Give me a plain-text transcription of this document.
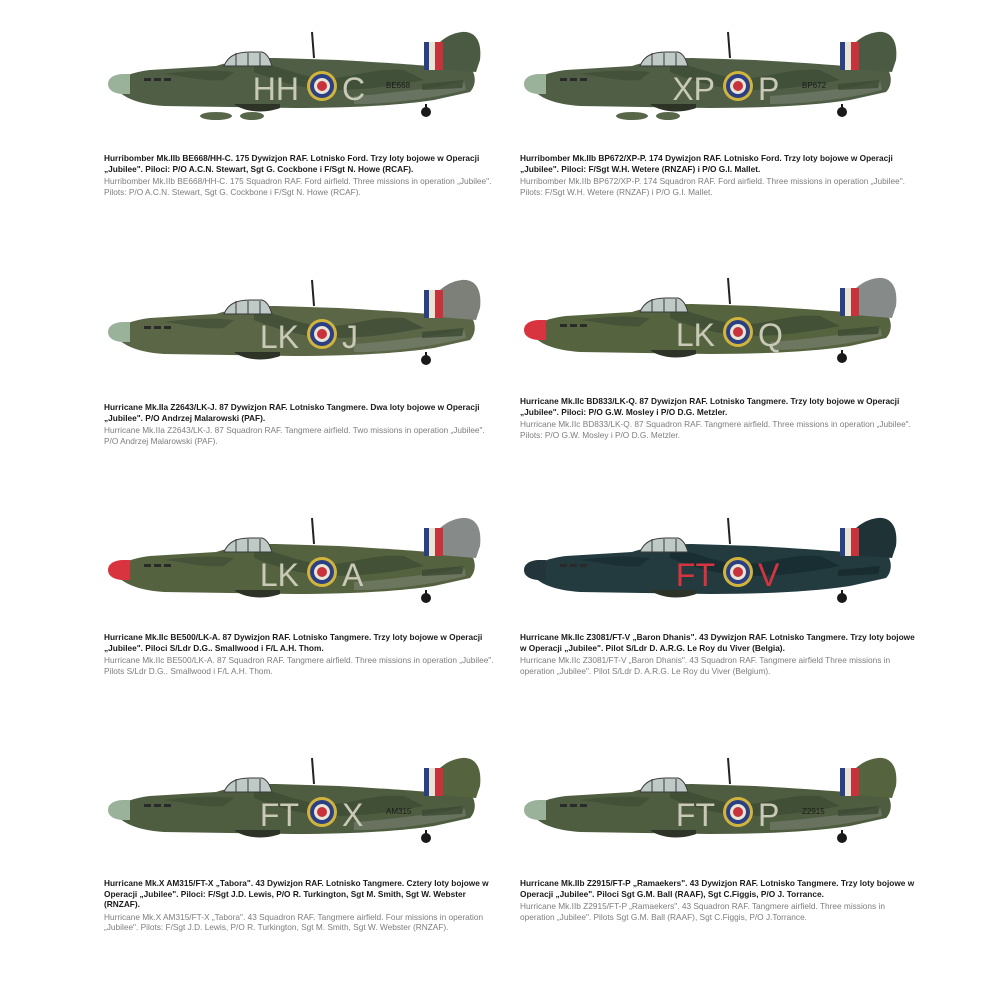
HH C	BE668
Hurribomber Mk.IIb BE668/HH-C. 175 Dywizjon RAF. Lotnisko Ford. Trzy loty bojowe w Operacji „Jubilee". Piloci: P/O A.C.N. Stewart, Sgt G. Cockbone i F/Sgt N. Howe (RCAF).
Hurribomber Mk.IIb BE668/HH-C. 175 Squadron RAF. Ford airfield. Three missions in operation „Jubilee". Pilots: P/O A.C.N. Stewart, Sgt G. Cockbone i F/Sgt N. Howe (RCAF).
XP P	BP672
Hurribomber Mk.IIb BP672/XP-P. 174 Dywizjon RAF. Lotnisko Ford. Trzy loty bojowe w Operacji „Jubilee". Piloci: F/Sgt W.H. Wetere (RNZAF) i P/O G.I. Mallet.
Hurribomber Mk.IIb BP672/XP-P. 174 Squadron RAF. Ford airfield. Three missions in operation „Jubilee". Pilots: F/Sgt W.H. Wetere (RNZAF) i P/O G.I. Mallet.
LK J
Hurricane Mk.IIa Z2643/LK-J. 87 Dywizjon RAF. Lotnisko Tangmere. Dwa loty bojowe w Operacji „Jubilee". P/O Andrzej Malarowski (PAF).
Hurricane Mk.IIa Z2643/LK-J. 87 Squadron RAF. Tangmere airfield. Two missions in operation „Jubilee". P/O Andrzej Malarowski (PAF).
LK Q
Hurricane Mk.IIc BD833/LK-Q. 87 Dywizjon RAF. Lotnisko Tangmere. Trzy loty bojowe w Operacji „Jubilee". Piloci: P/O G.W. Mosley i P/O D.G. Metzler.
Hurricane Mk.IIc BD833/LK-Q. 87 Squadron RAF. Tangmere airfield. Three missions in operation „Jubilee". Pilots: P/O G.W. Mosley i P/O D.G. Metzler.
LK A
Hurricane Mk.IIc BE500/LK-A. 87 Dywizjon RAF. Lotnisko Tangmere. Trzy loty bojowe w Operacji „Jubilee". Piloci S/Ldr D.G.. Smallwood i F/L A.H. Thom.
Hurricane Mk.IIc BE500/LK-A. 87 Squadron RAF. Tangmere airfield. Three missions in operation „Jubilee". Pilots S/Ldr D.G.. Smallwood i F/L A.H. Thom.
FT V
Hurricane Mk.IIc Z3081/FT-V „Baron Dhanis". 43 Dywizjon RAF. Lotnisko Tangmere. Trzy loty bojowe w Operacji „Jubilee". Pilot S/Ldr D. A.R.G. Le Roy du Viver (Belgia).
Hurricane Mk.IIc Z3081/FT-V „Baron Dhanis". 43 Squadron RAF. Tangmere airfield Three missions in operation „Jubilee". Pilot S/Ldr D. A.R.G. Le Roy du Viver (Belgium).
FT X	AM315
Hurricane Mk.X AM315/FT-X „Tabora". 43 Dywizjon RAF. Lotnisko Tangmere. Cztery loty bojowe w Operacji „Jubilee". Piloci: F/Sgt J.D. Lewis, P/O R. Turkington, Sgt M. Smith, Sgt W. Webster (RNZAF).
Hurricane Mk.X AM315/FT-X „Tabora". 43 Squadron RAF. Tangmere airfield. Four missions in operation „Jubilee". Pilots: F/Sgt J.D. Lewis, P/O R. Turkington, Sgt M. Smith, Sgt W. Webster (RNZAF).
FT P	Z2915
Hurricane Mk.IIb Z2915/FT-P „Ramaekers". 43 Dywizjon RAF. Lotnisko Tangmere. Trzy loty bojowe w Operacji „Jubilee". Piloci Sgt G.M. Ball (RAAF), Sgt C.Figgis, P/O J. Torrance.
Hurricane Mk.IIb Z2915/FT-P „Ramaekers". 43 Squadron RAF. Tangmere airfield. Three missions in operation „Jubilee". Pilots Sgt G.M. Ball (RAAF), Sgt C.Figgis, P/O J.Torrance.
